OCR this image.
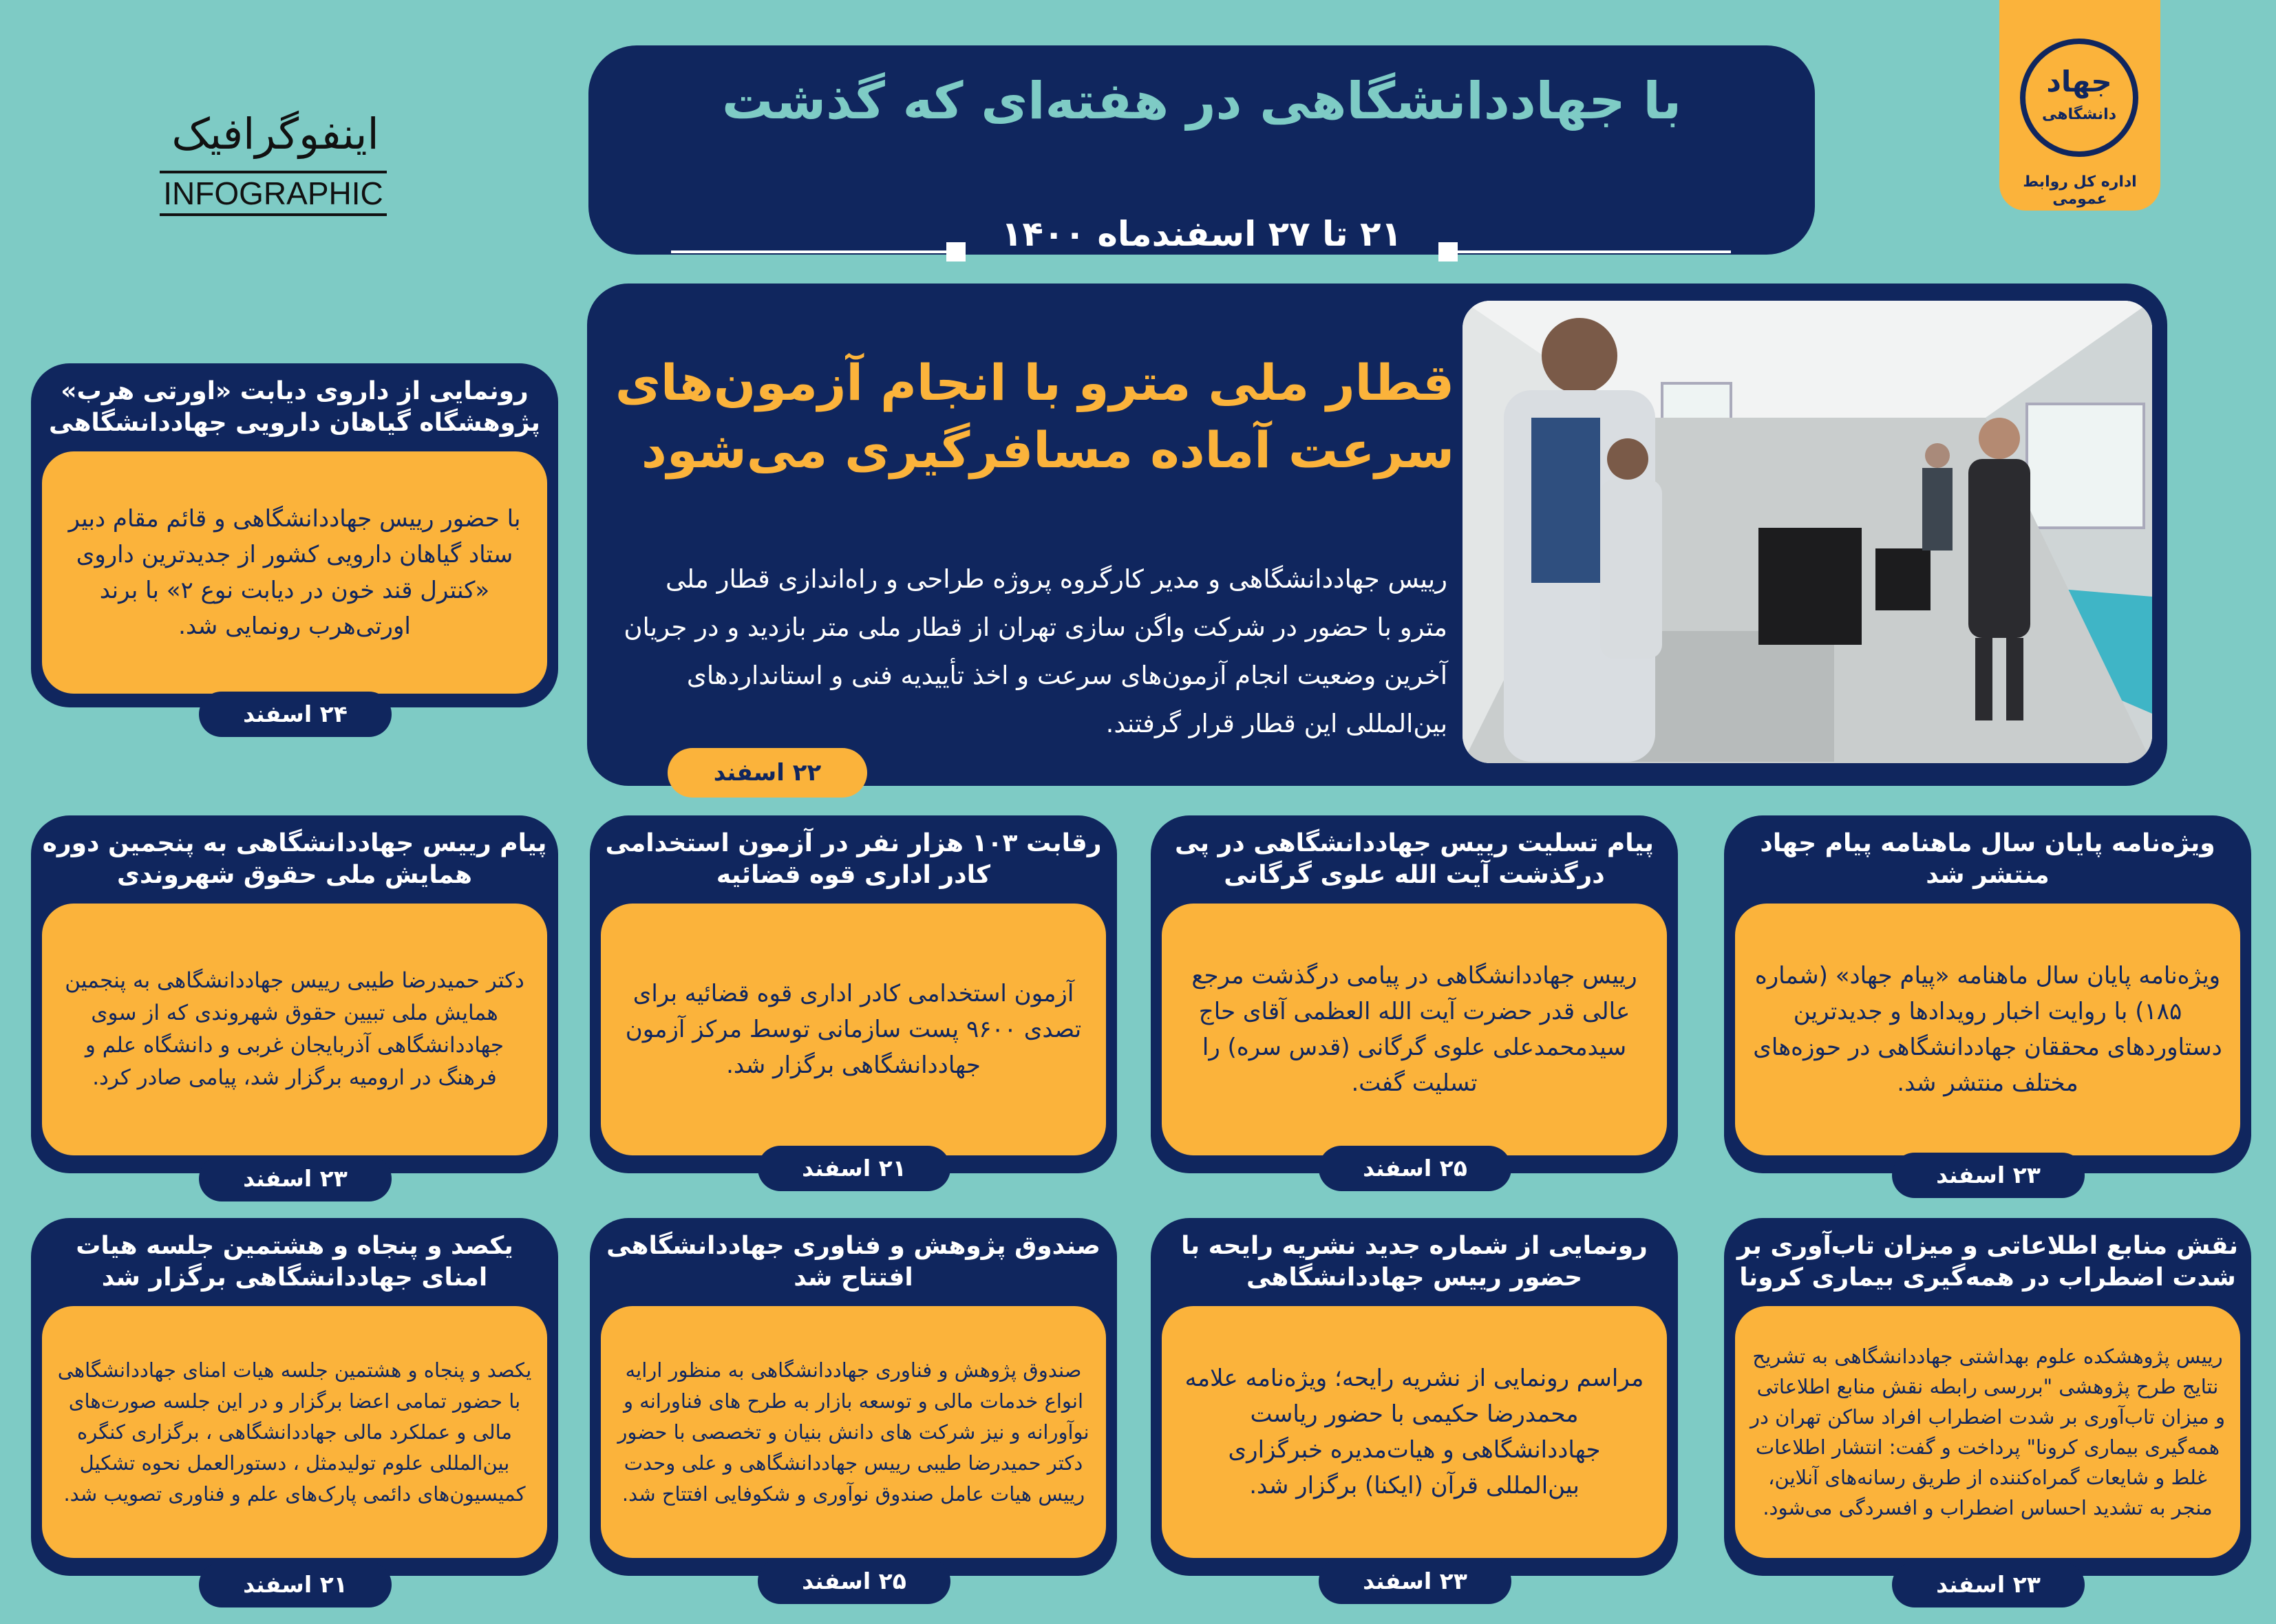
با جهاددانشگاهی در هفته‌ای که گذشت
۲۱ تا ۲۷ اسفندماه ۱۴۰۰
جهاد
دانشگاهی
اداره کل روابط عمومی
اینفوگرافیک
INFOGRAPHIC
قطار ملی مترو با انجام آزمون‌های سرعت آماده مسافرگیری می‌شود
رییس جهاددانشگاهی و مدیر کارگروه پروژه طراحی و راه‌اندازی قطار ملی مترو با حضور در شرکت واگن سازی تهران از قطار ملی متر بازدید و در جریان آخرین وضعیت انجام آزمون‌های سرعت و اخذ تأییدیه فنی و استانداردهای بین‌المللی این قطار قرار گرفتند.
۲۲ اسفند
رونمایی از داروی دیابت «اورتی هرب» پژوهشگاه گیاهان دارویی جهاددانشگاهی
با حضور رییس جهاددانشگاهی و قائم مقام دبیر ستاد گیاهان دارویی کشور از جدیدترین داروی «کنترل قند خون در دیابت نوع ۲» با برند اورتی‌هرب رونمایی شد.
۲۴ اسفند
ویژه‌نامه پایان سال ماهنامه پیام جهاد منتشر شد
ویژه‌نامه پایان سال ماهنامه «پیام جهاد» (شماره ۱۸۵) با روایت اخبار رویدادها و جدیدترین دستاوردهای محققان جهاددانشگاهی در حوزه‌های مختلف منتشر شد.
۲۳ اسفند
پیام تسلیت رییس جهاددانشگاهی در پی درگذشت آیت الله علوی گرگانی
رییس جهاددانشگاهی در پیامی درگذشت مرجع عالی قدر حضرت آیت الله العظمی آقای حاج سیدمحمدعلی علوی گرگانی (قدس سره) را تسلیت گفت.
۲۵ اسفند
رقابت ۱۰۳ هزار نفر در آزمون استخدامی کادر اداری قوه قضائیه
آزمون استخدامی کادر اداری قوه قضائیه برای تصدی ۹۶۰۰ پست سازمانی توسط مرکز آزمون جهاددانشگاهی برگزار شد.
۲۱ اسفند
پیام رییس جهاددانشگاهی به پنجمین دوره همایش ملی حقوق شهروندی
دکتر حمیدرضا طیبی رییس جهاددانشگاهی به پنجمین همایش ملی تبیین حقوق شهروندی که از سوی جهاددانشگاهی آذربایجان غربی و دانشگاه علم و فرهنگ در ارومیه برگزار شد، پیامی صادر کرد.
۲۳ اسفند
نقش منابع اطلاعاتی و میزان تاب‌آوری بر شدت اضطراب در همه‌گیری بیماری کرونا
رییس پژوهشکده علوم بهداشتی جهاددانشگاهی به تشریح نتایج طرح پژوهشی "بررسی رابطه نقش منابع اطلاعاتی و میزان تاب‌آوری بر شدت اضطراب افراد ساکن تهران در همه‌گیری بیماری کرونا" پرداخت و گفت: انتشار اطلاعات غلط و شایعات گمراه‌کننده از طریق رسانه‌های آنلاین، منجر به تشدید احساس اضطراب و افسردگی می‌شود.
۲۳ اسفند
رونمایی از شماره جدید نشریه رایحه با حضور رییس جهاددانشگاهی
مراسم رونمایی از نشریه رایحه؛ ویژه‌نامه علامه محمدرضا حکیمی با حضور ریاست جهاددانشگاهی و هیات‌مدیره خبرگزاری بین‌المللی قرآن (ایکنا) برگزار شد.
۲۳ اسفند
صندوق پژوهش و فناوری جهاددانشگاهی افتتاح شد
صندوق پژوهش و فناوری جهاددانشگاهی به منظور ارایه انواع خدمات مالی و توسعه بازار به طرح های فناورانه و نوآورانه و نیز شرکت های دانش بنیان و تخصصی با حضور دکتر حمیدرضا طیبی رییس جهاددانشگاهی و علی وحدت رییس هیات عامل صندوق نوآوری و شکوفایی افتتاح شد.
۲۵ اسفند
یکصد و پنجاه و هشتمین جلسه هیات امنای جهاددانشگاهی برگزار شد
یکصد و پنجاه و هشتمین جلسه هیات امنای جهاددانشگاهی با حضور تمامی اعضا برگزار و در این جلسه صورت‌های مالی و عملکرد مالی جهاددانشگاهی ، برگزاری کنگره بین‌المللی علوم تولیدمثل ، دستورالعمل نحوه تشکیل کمیسیون‌های دائمی پارک‌های علم و فناوری تصویب شد.
۲۱ اسفند
